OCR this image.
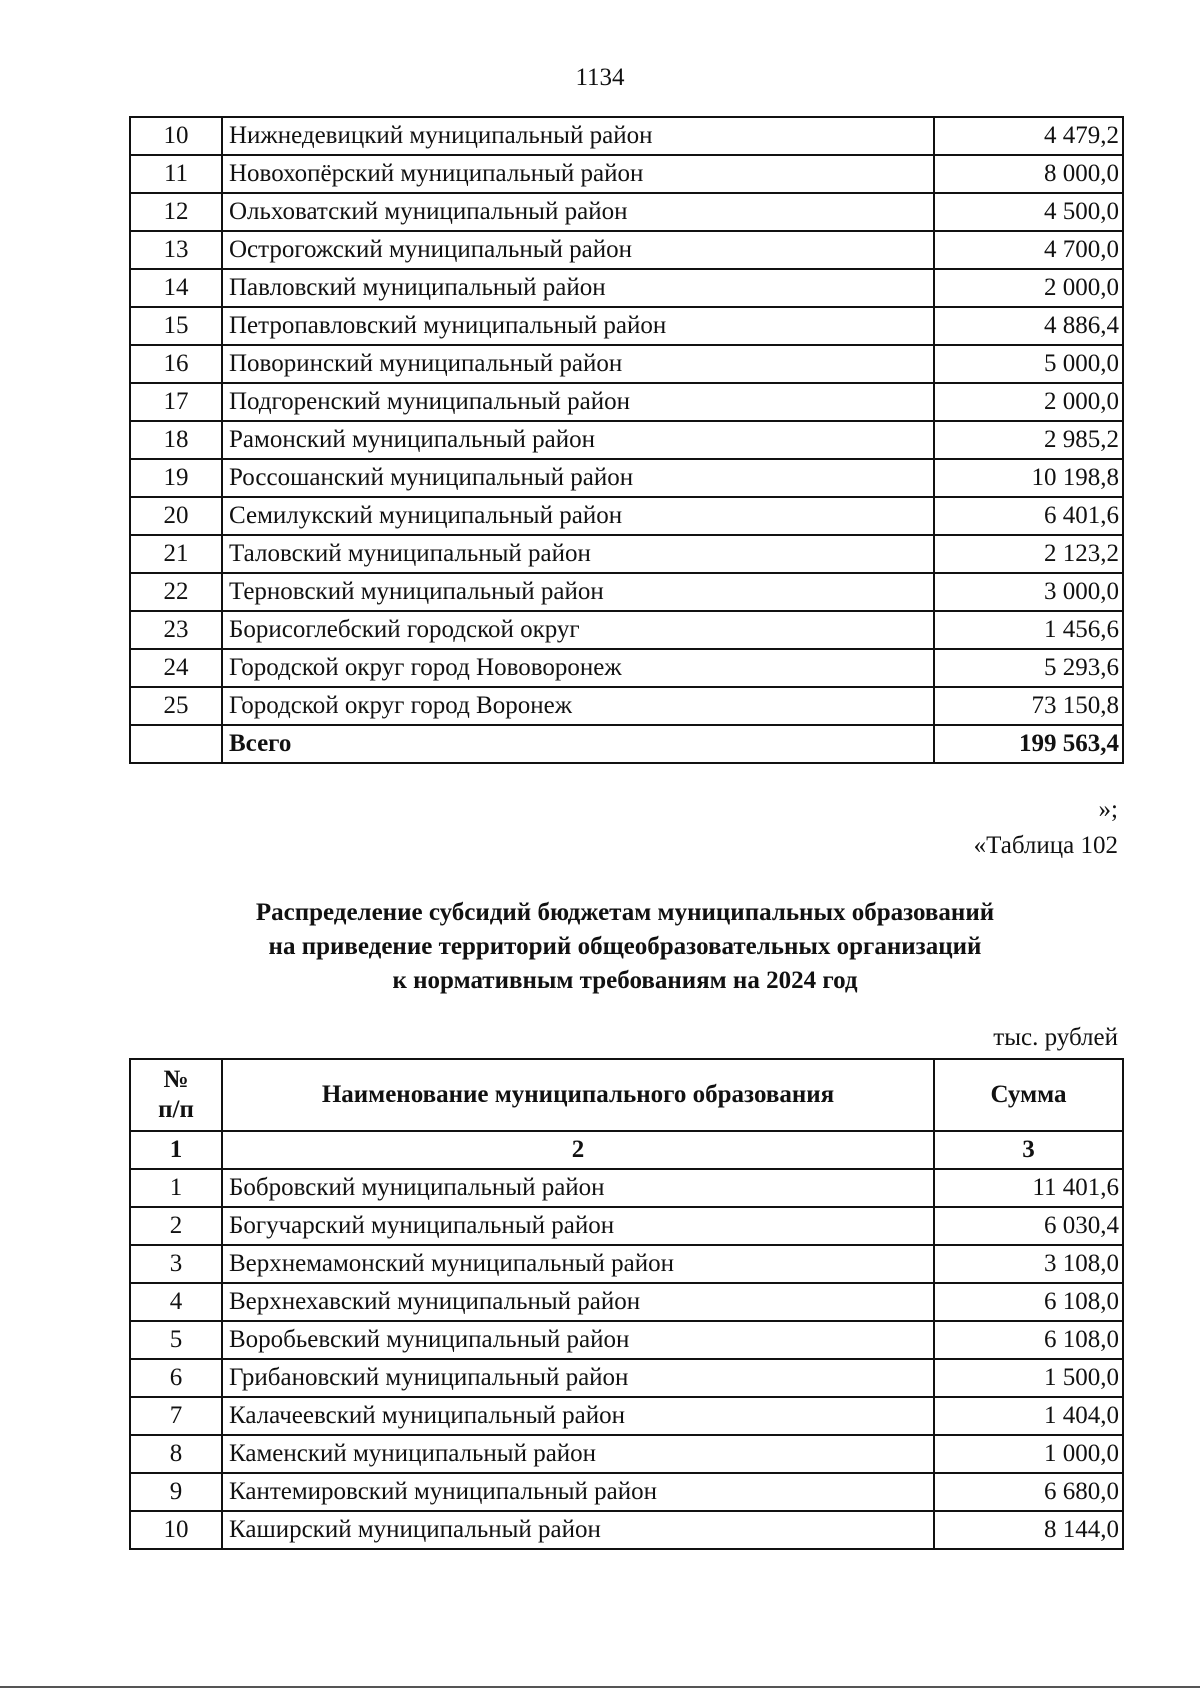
1134
10	Нижнедевицкий муниципальный район	4 479,2
11	Новохопёрский муниципальный район	8 000,0
12	Ольховатский муниципальный район	4 500,0
13	Острогожский муниципальный район	4 700,0
14	Павловский муниципальный район	2 000,0
15	Петропавловский муниципальный район	4 886,4
16	Поворинский муниципальный район	5 000,0
17	Подгоренский муниципальный район	2 000,0
18	Рамонский муниципальный район	2 985,2
19	Россошанский муниципальный район	10 198,8
20	Семилукский муниципальный район	6 401,6
21	Таловский муниципальный район	2 123,2
22	Терновский муниципальный район	3 000,0
23	Борисоглебский городской округ	1 456,6
24	Городской округ город Нововоронеж	5 293,6
25	Городской округ город Воронеж	73 150,8
	Всего	199 563,4
»;
«Таблица 102
Распределение субсидий бюджетам муниципальных образований
на приведение территорий общеобразовательных организаций
к нормативным требованиям на 2024 год
тыс. рублей
№
п/п	Наименование муниципального образования	Сумма
1	2	3
1	Бобровский муниципальный район	11 401,6
2	Богучарский муниципальный район	6 030,4
3	Верхнемамонский муниципальный район	3 108,0
4	Верхнехавский муниципальный район	6 108,0
5	Воробьевский муниципальный район	6 108,0
6	Грибановский муниципальный район	1 500,0
7	Калачеевский муниципальный район	1 404,0
8	Каменский муниципальный район	1 000,0
9	Кантемировский муниципальный район	6 680,0
10	Каширский муниципальный район	8 144,0
